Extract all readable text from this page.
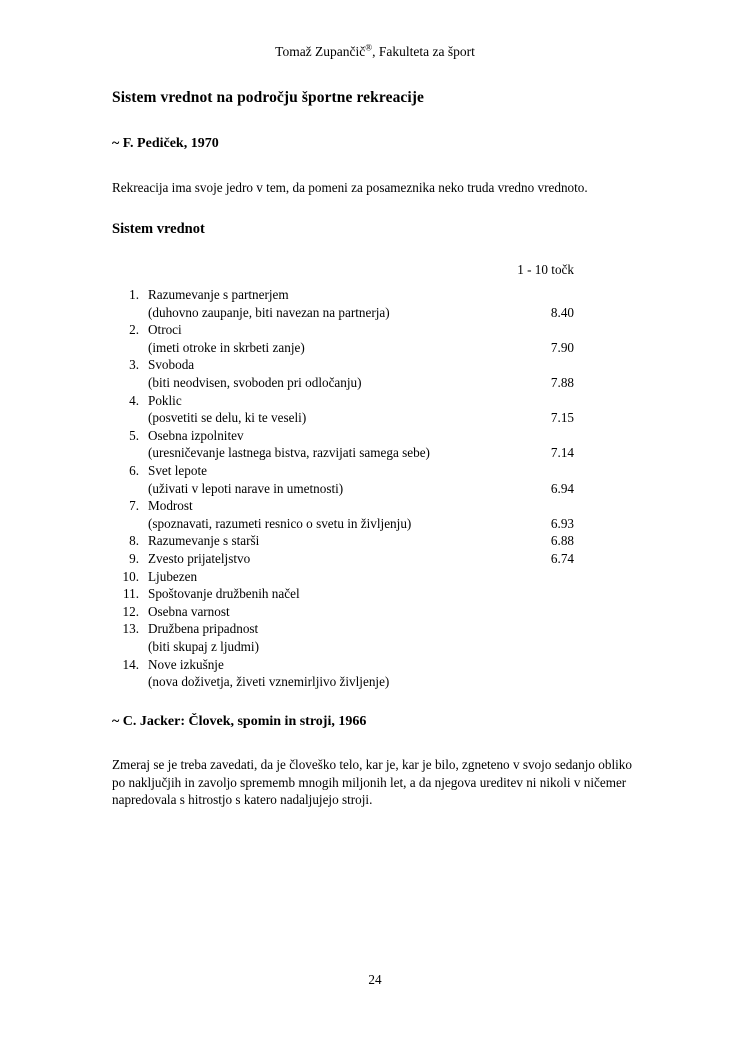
Tomaž Zupančič®, Fakulteta za šport
Sistem vrednot na področju športne rekreacije
~ F. Pediček, 1970

Rekreacija ima svoje jedro v tem, da pomeni za posameznika neko truda vredno vrednoto.

Sistem vrednot
1 - 10 točk
1. Razumevanje s partnerjem
(duhovno zaupanje, biti navezan na partnerja)	8.40
2. Otroci
(imeti otroke in skrbeti zanje)	7.90
3. Svoboda
(biti neodvisen, svoboden pri odločanju)	7.88
4. Poklic
(posvetiti se delu, ki te veseli)	7.15
5. Osebna izpolnitev
(uresničevanje lastnega bistva, razvijati samega sebe)	7.14
6. Svet lepote
(uživati v lepoti narave in umetnosti)	6.94
7. Modrost
(spoznavati, razumeti resnico o svetu in življenju)	6.93
8. Razumevanje s starši	6.88
9. Zvesto prijateljstvo	6.74
10. Ljubezen
11. Spoštovanje družbenih načel
12. Osebna varnost
13. Družbena pripadnost
(biti skupaj z ljudmi)
14. Nove izkušnje
(nova doživetja, živeti vznemirljivo življenje)
~ C. Jacker: Človek, spomin in stroji, 1966

Zmeraj se je treba zavedati, da je človeško telo, kar je, kar je bilo, zgneteno v svojo sedanjo obliko po naključjih in zavoljo sprememb mnogih miljonih let, a da njegova ureditev ni nikoli v ničemer napredovala s hitrostjo s katero nadaljujejo stroji.

24
